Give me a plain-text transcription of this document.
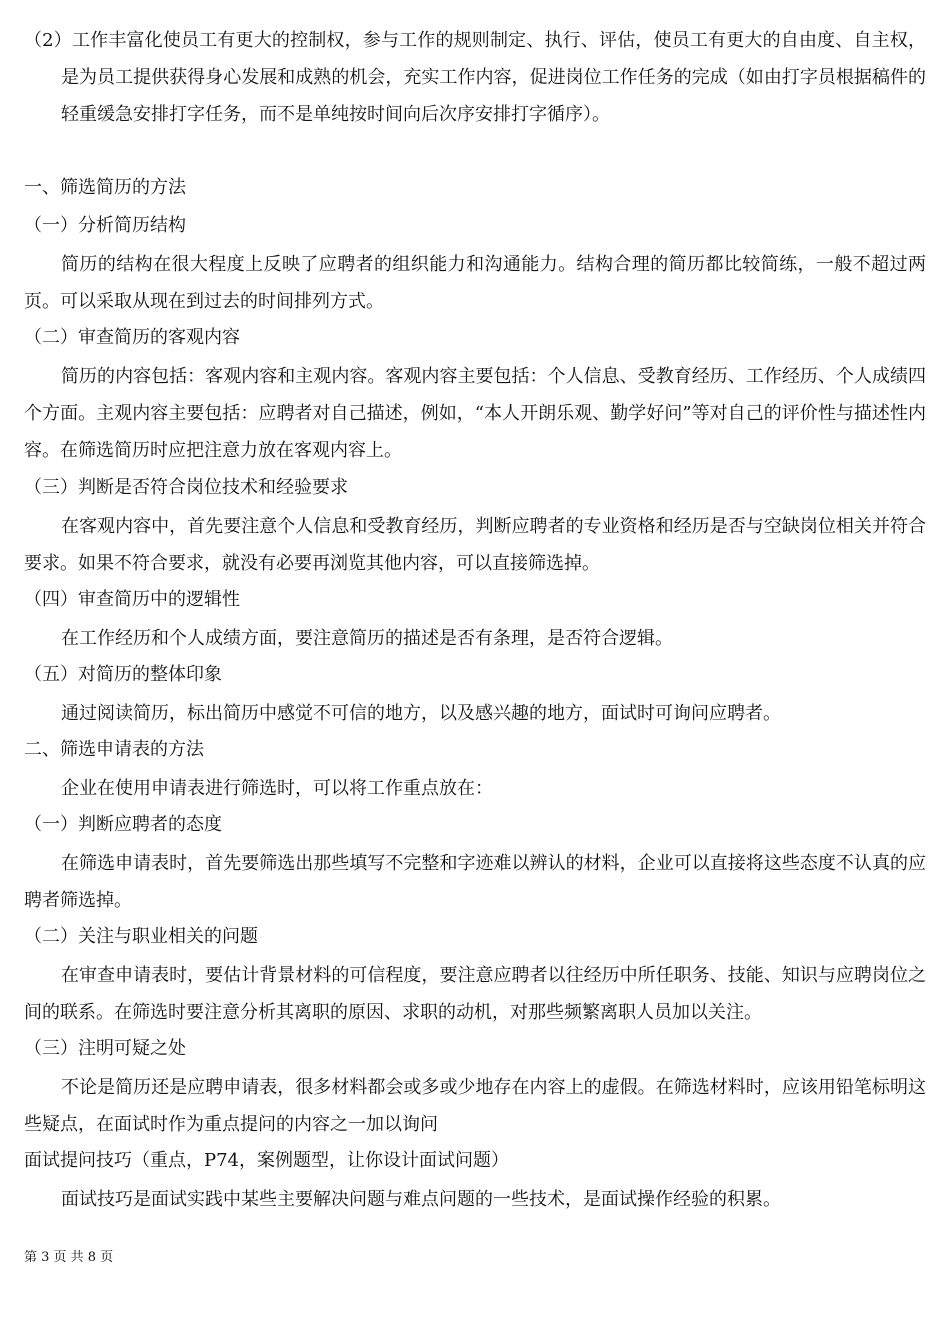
（2）工作丰富化使员工有更大的控制权，参与工作的规则制定、执行、评估，使员工有更大的自由度、自主权，是为员工提供获得身心发展和成熟的机会，充实工作内容，促进岗位工作任务的完成（如由打字员根据稿件的轻重缓急安排打字任务，而不是单纯按时间向后次序安排打字循序）。
一、筛选简历的方法
（一）分析简历结构
简历的结构在很大程度上反映了应聘者的组织能力和沟通能力。结构合理的简历都比较简练，一般不超过两页。可以采取从现在到过去的时间排列方式。
（二）审查简历的客观内容
简历的内容包括：客观内容和主观内容。客观内容主要包括：个人信息、受教育经历、工作经历、个人成绩四个方面。主观内容主要包括：应聘者对自己描述，例如，“本人开朗乐观、勤学好问”等对自己的评价性与描述性内容。在筛选简历时应把注意力放在客观内容上。
（三）判断是否符合岗位技术和经验要求
在客观内容中，首先要注意个人信息和受教育经历，判断应聘者的专业资格和经历是否与空缺岗位相关并符合要求。如果不符合要求，就没有必要再浏览其他内容，可以直接筛选掉。
（四）审查简历中的逻辑性
在工作经历和个人成绩方面，要注意简历的描述是否有条理，是否符合逻辑。
（五）对简历的整体印象
通过阅读简历，标出简历中感觉不可信的地方，以及感兴趣的地方，面试时可询问应聘者。
二、筛选申请表的方法
企业在使用申请表进行筛选时，可以将工作重点放在：
（一）判断应聘者的态度
在筛选申请表时，首先要筛选出那些填写不完整和字迹难以辨认的材料，企业可以直接将这些态度不认真的应聘者筛选掉。
（二）关注与职业相关的问题
在审查申请表时，要估计背景材料的可信程度，要注意应聘者以往经历中所任职务、技能、知识与应聘岗位之间的联系。在筛选时要注意分析其离职的原因、求职的动机，对那些频繁离职人员加以关注。
（三）注明可疑之处
不论是简历还是应聘申请表，很多材料都会或多或少地存在内容上的虚假。在筛选材料时，应该用铅笔标明这些疑点，在面试时作为重点提问的内容之一加以询问
面试提问技巧（重点，P74，案例题型，让你设计面试问题）
面试技巧是面试实践中某些主要解决问题与难点问题的一些技术，是面试操作经验的积累。
第 3 页 共 8 页
